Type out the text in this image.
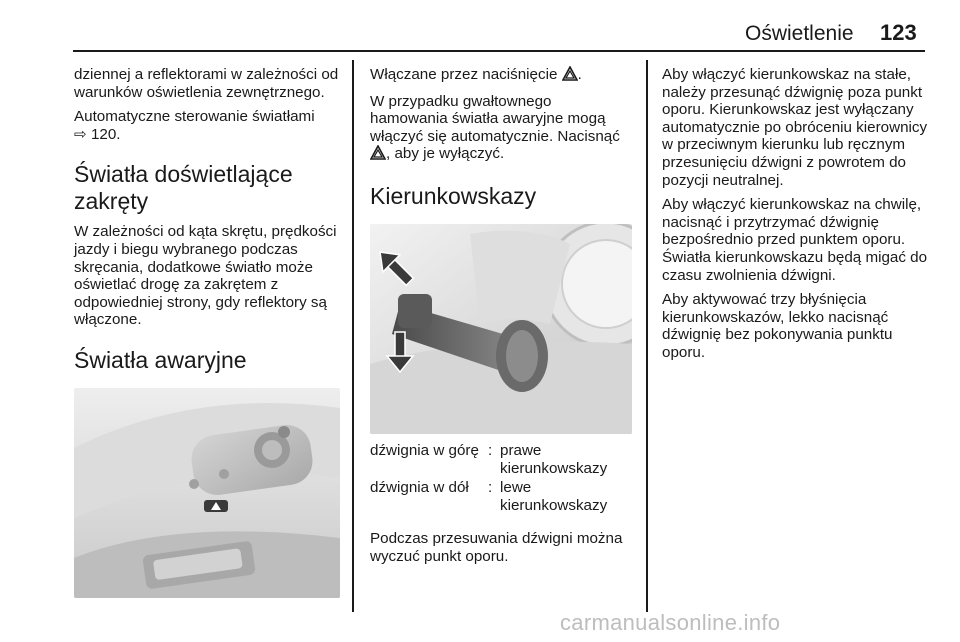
Oświetlenie 123

dziennej a reflektorami w zależności od warunków oświetlenia zewnętrznego.

Automatyczne sterowanie światłami
⇨ 120.

Światła doświetlające zakręty

W zależności od kąta skrętu, prędkości jazdy i biegu wybranego podczas skręcania, dodatkowe światło może oświetlać drogę za zakrętem z odpowiedniej strony, gdy reflektory są włączone.

Światła awaryjne

Włączane przez naciśnięcie .

W przypadku gwałtownego hamowania światła awaryjne mogą włączyć się automatycznie. Nacisnąć
, aby je wyłączyć.

Kierunkowskazy
dźwignia w górę	:	prawe kierunkowskazy
dźwignia w dół	:	lewe kierunkowskazy

Podczas przesuwania dźwigni można wyczuć punkt oporu.

Aby włączyć kierunkowskaz na stałe, należy przesunąć dźwignię poza punkt oporu. Kierunkowskaz jest wyłączany automatycznie po obróceniu kierownicy w przeciwnym kierunku lub ręcznym przesunięciu dźwigni z powrotem do pozycji neutralnej.

Aby włączyć kierunkowskaz na chwilę, nacisnąć i przytrzymać dźwignię bezpośrednio przed punktem oporu. Światła kierunkowskazu będą migać do czasu zwolnienia dźwigni.

Aby aktywować trzy błyśnięcia kierunkowskazów, lekko nacisnąć dźwignię bez pokonywania punktu oporu.

carmanualsonline.info
